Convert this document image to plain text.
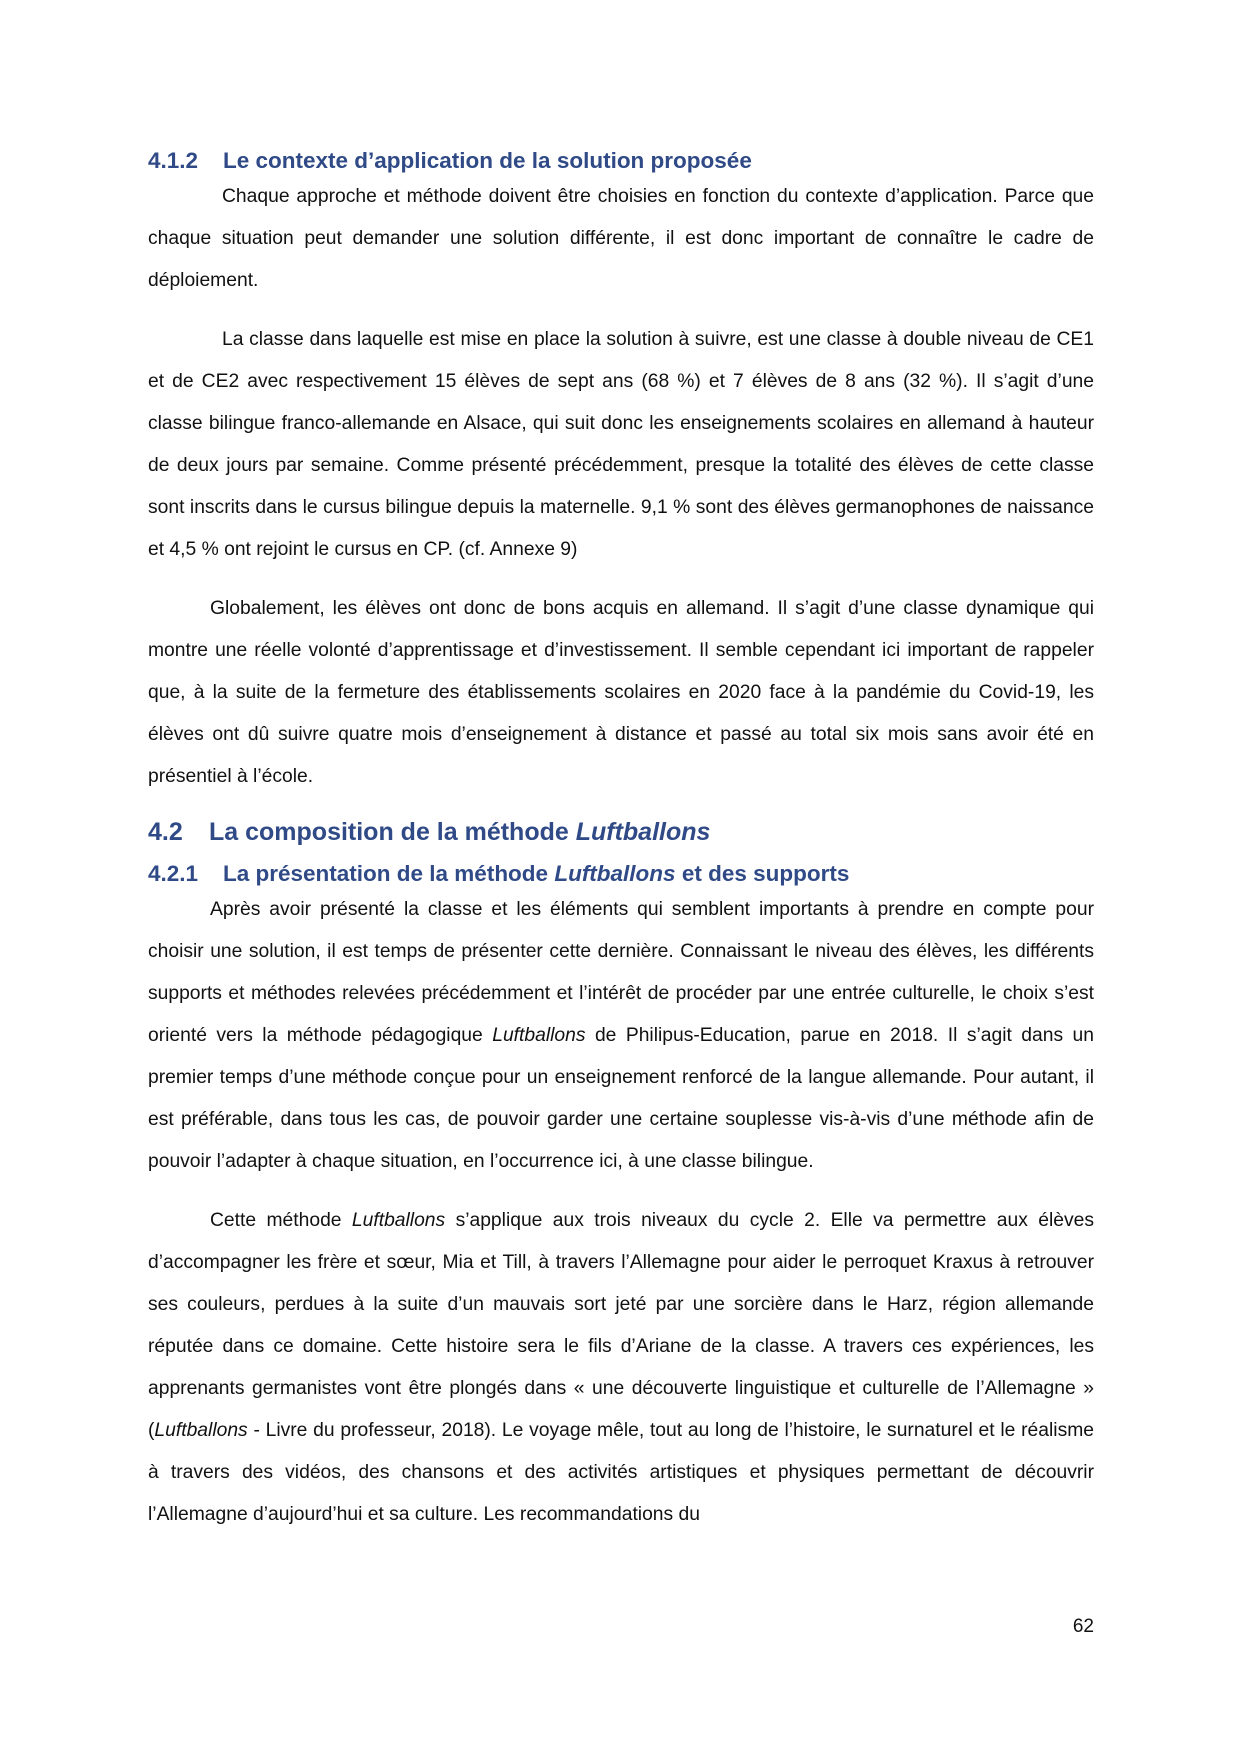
4.1.2	Le contexte d’application de la solution proposée

Chaque approche et méthode doivent être choisies en fonction du contexte d’application. Parce que chaque situation peut demander une solution différente, il est donc important de connaître le cadre de déploiement.

La classe dans laquelle est mise en place la solution à suivre, est une classe à double niveau de CE1 et de CE2 avec respectivement 15 élèves de sept ans (68 %) et 7 élèves de 8 ans (32 %). Il s’agit d’une classe bilingue franco-allemande en Alsace, qui suit donc les enseignements scolaires en allemand à hauteur de deux jours par semaine. Comme présenté précédemment, presque la totalité des élèves de cette classe sont inscrits dans le cursus bilingue depuis la maternelle. 9,1 % sont des élèves germanophones de naissance et 4,5 % ont rejoint le cursus en CP. (cf. Annexe 9)

Globalement, les élèves ont donc de bons acquis en allemand. Il s’agit d’une classe dynamique qui montre une réelle volonté d’apprentissage et d’investissement. Il semble cependant ici important de rappeler que, à la suite de la fermeture des établissements scolaires en 2020 face à la pandémie du Covid-19, les élèves ont dû suivre quatre mois d’enseignement à distance et passé au total six mois sans avoir été en présentiel à l’école.

4.2	La composition de la méthode Luftballons
4.2.1	La présentation de la méthode Luftballons et des supports

Après avoir présenté la classe et les éléments qui semblent importants à prendre en compte pour choisir une solution, il est temps de présenter cette dernière. Connaissant le niveau des élèves, les différents supports et méthodes relevées précédemment et l’intérêt de procéder par une entrée culturelle, le choix s’est orienté vers la méthode pédagogique Luftballons de Philipus-Education, parue en 2018. Il s’agit dans un premier temps d’une méthode conçue pour un enseignement renforcé de la langue allemande. Pour autant, il est préférable, dans tous les cas, de pouvoir garder une certaine souplesse vis-à-vis d’une méthode afin de pouvoir l’adapter à chaque situation, en l’occurrence ici, à une classe bilingue.

Cette méthode Luftballons s’applique aux trois niveaux du cycle 2. Elle va permettre aux élèves d’accompagner les frère et sœur, Mia et Till, à travers l’Allemagne pour aider le perroquet Kraxus à retrouver ses couleurs, perdues à la suite d’un mauvais sort jeté par une sorcière dans le Harz, région allemande réputée dans ce domaine. Cette histoire sera le fils d’Ariane de la classe. A travers ces expériences, les apprenants germanistes vont être plongés dans « une découverte linguistique et culturelle de l’Allemagne » (Luftballons - Livre du professeur, 2018). Le voyage mêle, tout au long de l’histoire, le surnaturel et le réalisme à travers des vidéos, des chansons et des activités artistiques et physiques permettant de découvrir l’Allemagne d’aujourd’hui et sa culture. Les recommandations du

62
